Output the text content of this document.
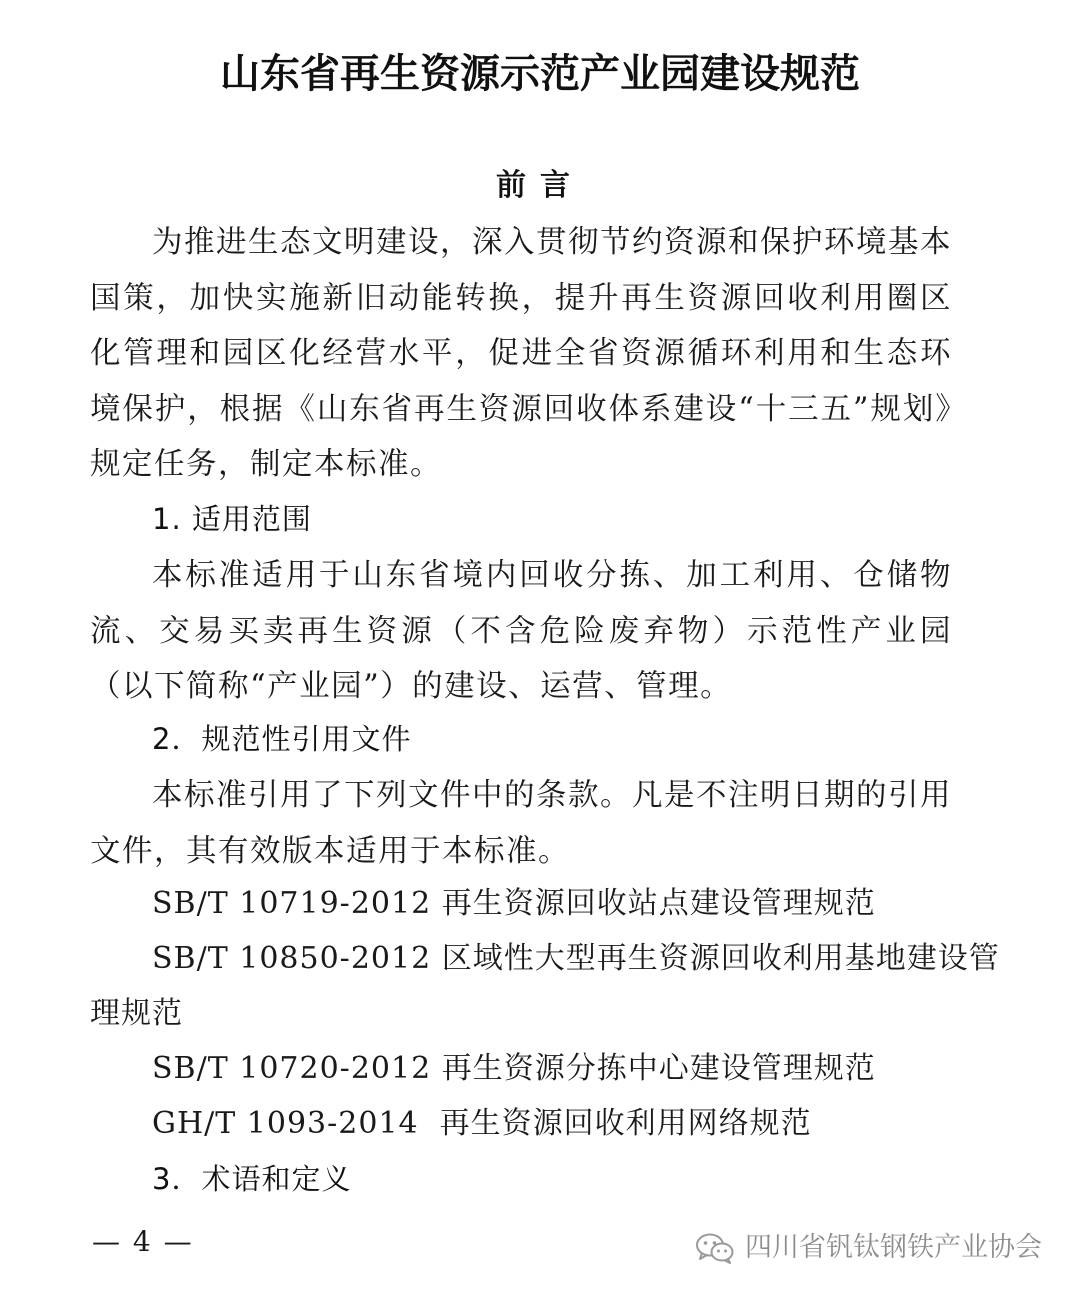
山东省再生资源示范产业园建设规范
前言

为推进生态文明建设，深入贯彻节约资源和保护环境基本国策，加快实施新旧动能转换，提升再生资源回收利用圈区化管理和园区化经营水平，促进全省资源循环利用和生态环境保护，根据《山东省再生资源回收体系建设“十三五”规划》规定任务，制定本标准。

1. 适用范围

本标准适用于山东省境内回收分拣、加工利用、仓储物流、交易买卖再生资源（不含危险废弃物）示范性产业园（以下简称“产业园”）的建设、运营、管理。

2．规范性引用文件

本标准引用了下列文件中的条款。凡是不注明日期的引用文件，其有效版本适用于本标准。

SB/T 10719-2012 再生资源回收站点建设管理规范
SB/T 10850-2012 区域性大型再生资源回收利用基地建设管
理规范
SB/T 10720-2012 再生资源分拣中心建设管理规范
GH/T 1093-2014  再生资源回收利用网络规范
3．术语和定义
— 4 —	四川省钒钛钢铁产业协会
